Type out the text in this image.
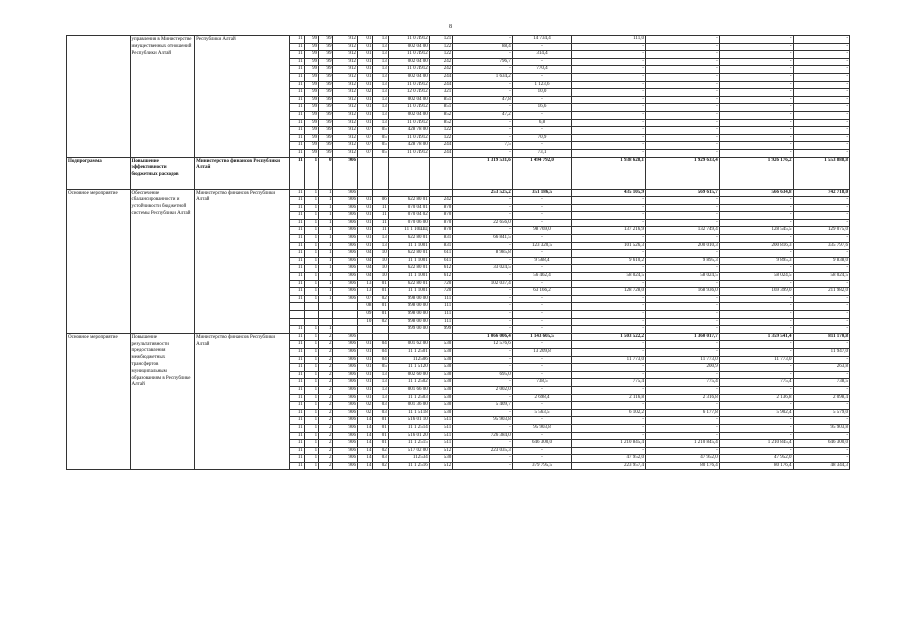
8
	управления в Министерстве имущественных отношений Республики Алтай	Республики Алтай	11	99	99	912	01	13	11 0 Л912	121	-	14 734,4	111,0	-	-	-
			11	99	99	912	01	13	002 04 00	122	88,4	-	-	-	-	-
			11	99	99	912	01	13	11 0 Л912	122	-	314,4	-	-	-	-
			11	99	99	912	01	13	002 04 00	242	796,7	-	-	-	-	-
			11	99	99	912	01	13	11 0 Л912	242	-	770,4	-	-	-	-
			11	99	99	912	01	13	002 04 00	244	1 634,2	-	-	-	-	-
			11	99	99	912	01	13	11 0 Л912	244	-	1 123,6	-	-	-	-
			11	99	99	912	02	13	12 0 Л912	321	-	10,0	-	-	-	-
			11	99	99	912	01	13	002 04 00	851	47,8	-	-	-	-	-
			11	99	99	912	01	13	11 0 Л912	851	-	16,6	-	-	-	-
			11	99	99	912	01	13	002 04 00	852	47,2	-	-	-	-	-
			11	99	99	912	01	13	11 0 Л912	852	-	6,8	-	-	-	-
			11	99	99	912	07	05	428 78 00	122	-	-	-	-	-	-
			11	99	99	912	07	05	11 0 Л912	122	-	70,9	-	-	-	-
			11	99	99	912	07	05	428 78 00	244	7,5	-	-	-	-	-
			11	99	99	912	07	05	11 0 Л912	244	-	73,1	-	-	-	-
Подпрограмма	Повышение эффективности бюджетных расходов	Министерство финансов Республики Алтай	11	1	0	906					1 319 531,6	1 494 792,0	1 938 628,1	1 929 633,4	1 926 176,2	1 553 888,8
Основное мероприятие	Обеспечение сбалансированности и устойчивости бюджетной системы Республики Алтай	Министерство финансов Республики Алтай	11	1	1	906					253 525,2	351 186,5	435 105,9	569 615,7	566 634,8	742 718,0
			11	1	1	906	01	06	622 80 01	242	-	-	-	-	-	-
			11	1	1	906	01	11	070 04 01	870	-	-	-	-	-	-
			11	1	1	906	01	11	070 04 02	870	-	-	-	-	-	-
			11	1	1	906	01	11	070 06 00	870	22 656,0	-	-	-	-	-
			11	1	1	906	01	11	11 1 10ШЦ	870	-	98 769,0	137 216,9	132 749,4	128 545,5	129 075,0
			11	1	1	906	01	13	622 80 01	831	66 841,5	-	-	-	-	-
			11	1	1	906	01	13	11 1 1001	831	-	123 320,5	101 526,3	200 010,3	200 816,3	335 797,6
			11	1	1	906	04	10	622 80 01	611	8 985,8	-	-	-	-	-
			11	1	1	906	04	10	11 1 1001	611	-	9 568,4	9 610,2	9 895,3	9 895,3	9 838,0
			11	1	1	906	04	10	622 80 01	612	33 024,5	-	-	-	-	-
			11	1	1	906	04	10	11 1 1001	612	-	56 462,4	58 024,5	58 024,5	58 024,5	58 024,5
			11	1	1	906	13	01	622 80 01	720	102 037,4	-	-	-	-	-
			11	1	1	906	13	01	11 1 1001	720	-	63 166,2	128 728,0	168 936,0	169 399,0	211 982,0
			11	1	1	906	07	02	998 00 00	111	-	-	-	-	-	-
							08	01	998 00 00	111	-	-	-	-	-	-
							09	01	998 00 00	111	-	-	-	-	-	-
							10	02	998 00 00	111	-	-	-	-	-	-
			11	1	1				999 00 00	999	-	-	-	-	-	-
Основное мероприятие	Повышение результативности предоставления межбюджетных трансфертов муниципальным образованиям в Республике Алтай	Министерство финансов Республики Алтай	11	1	2	906					1 066 006,4	1 143 605,5	1 503 522,2	1 360 017,7	1 359 541,4	811 170,8
			11	1	2	906	01	04	001 62 00	530	12 576,6	-	-	-	-	-
			11	1	2	906	01	04	11 1 2501	530	-	13 209,8	-	-	-	11 947,0
			11	1	2	906	01	04	112506	530	-	-	11 773,0	11 773,0	11 773,0	-
			11	1	2	906	01	05	11 1 5120	530	-	-	-	200,9	-	263,8
			11	1	2	906	01	13	002 60 00	530	695,0	-	-	-	-	-
			11	1	2	906	01	13	11 1 2502	530	-	738,5	775,4	775,4	775,4	738,5
			11	1	2	906	01	13	001 66 00	530	2 002,0	-	-	-	-	-
			11	1	2	906	01	13	11 1 2503	530	-	2 698,4	2 116,8	2 316,8	2 136,8	2 098,4
			11	1	2	906	02	03	001 36 00	530	5 409,7	-	-	-	-	-
			11	1	2	906	02	03	11 1 5118	530	-	5 563,5	6 102,2	6 177,8	5 902,4	5 579,0
			11	1	2	906	14	01	516 01 10	511	95 903,8	-	-	-	-	-
			11	1	2	906	14	01	11 1 2514	511	-	95 903,8	-	-	-	95 903,8
			11	1	2	906	14	01	516 01 20	511	726 384,0	-	-	-	-	-
			11	1	2	906	14	01	11 1 2515	511	-	646 300,0	1 210 845,4	1 210 845,4	1 210 845,4	646 300,0
			11	1	2	906	14	02	517 02 00	512	223 035,3	-	-	-	-	-
			11	1	2	906	14	03	112534	530	-	-	47 952,0	47 952,0	47 952,0	-
			11	1	2	906	14	02	11 1 2516	512	-	379 795,5	223 957,4	80 176,4	80 176,4	48 344,3
